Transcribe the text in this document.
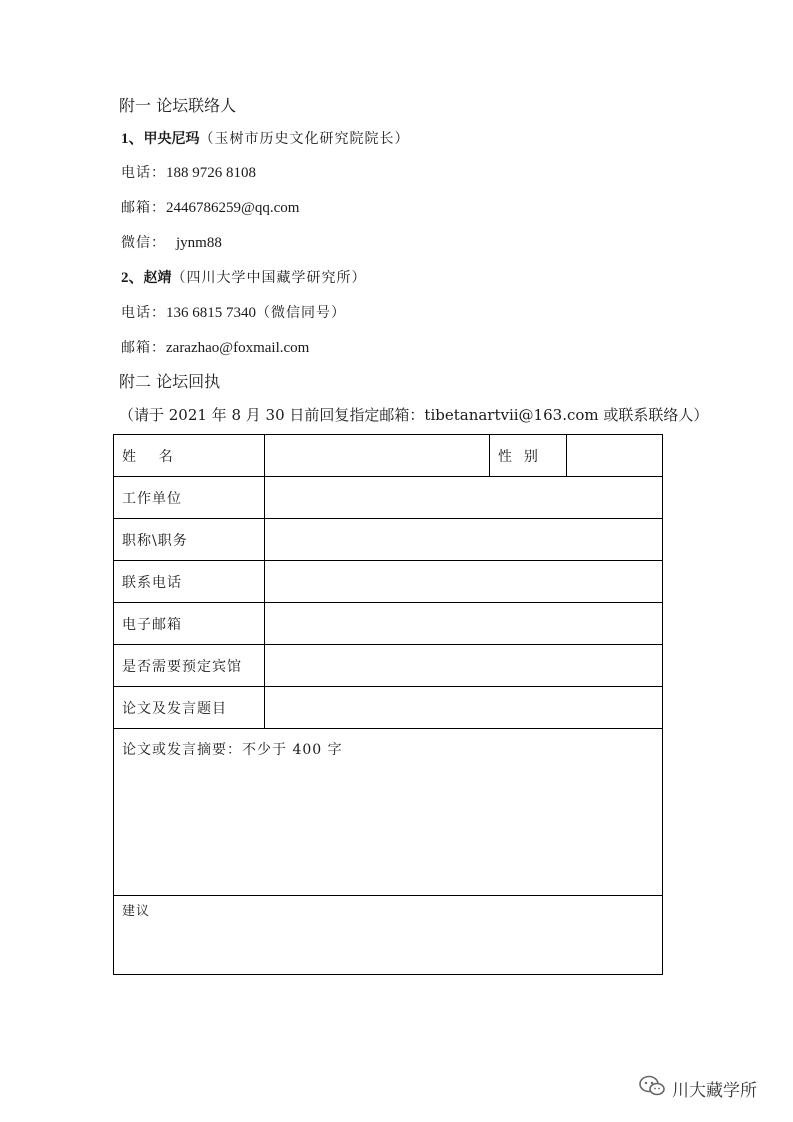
附一 论坛联络人
1、甲央尼玛（玉树市历史文化研究院院长）
电话：188 9726 8108
邮箱：2446786259@qq.com
微信： jynm88
2、赵靖（四川大学中国藏学研究所）
电话：136 6815 7340（微信同号）
邮箱：zarazhao@foxmail.com
附二 论坛回执
（请于 2021 年 8 月 30 日前回复指定邮箱：tibetanartvii@163.com 或联系联络人）
姓    名		性  别	
工作单位			
职称\职务			
联系电话			
电子邮箱			
是否需要预定宾馆			
论文及发言题目			
论文或发言摘要：不少于 400 字			
建议			
川大藏学所
